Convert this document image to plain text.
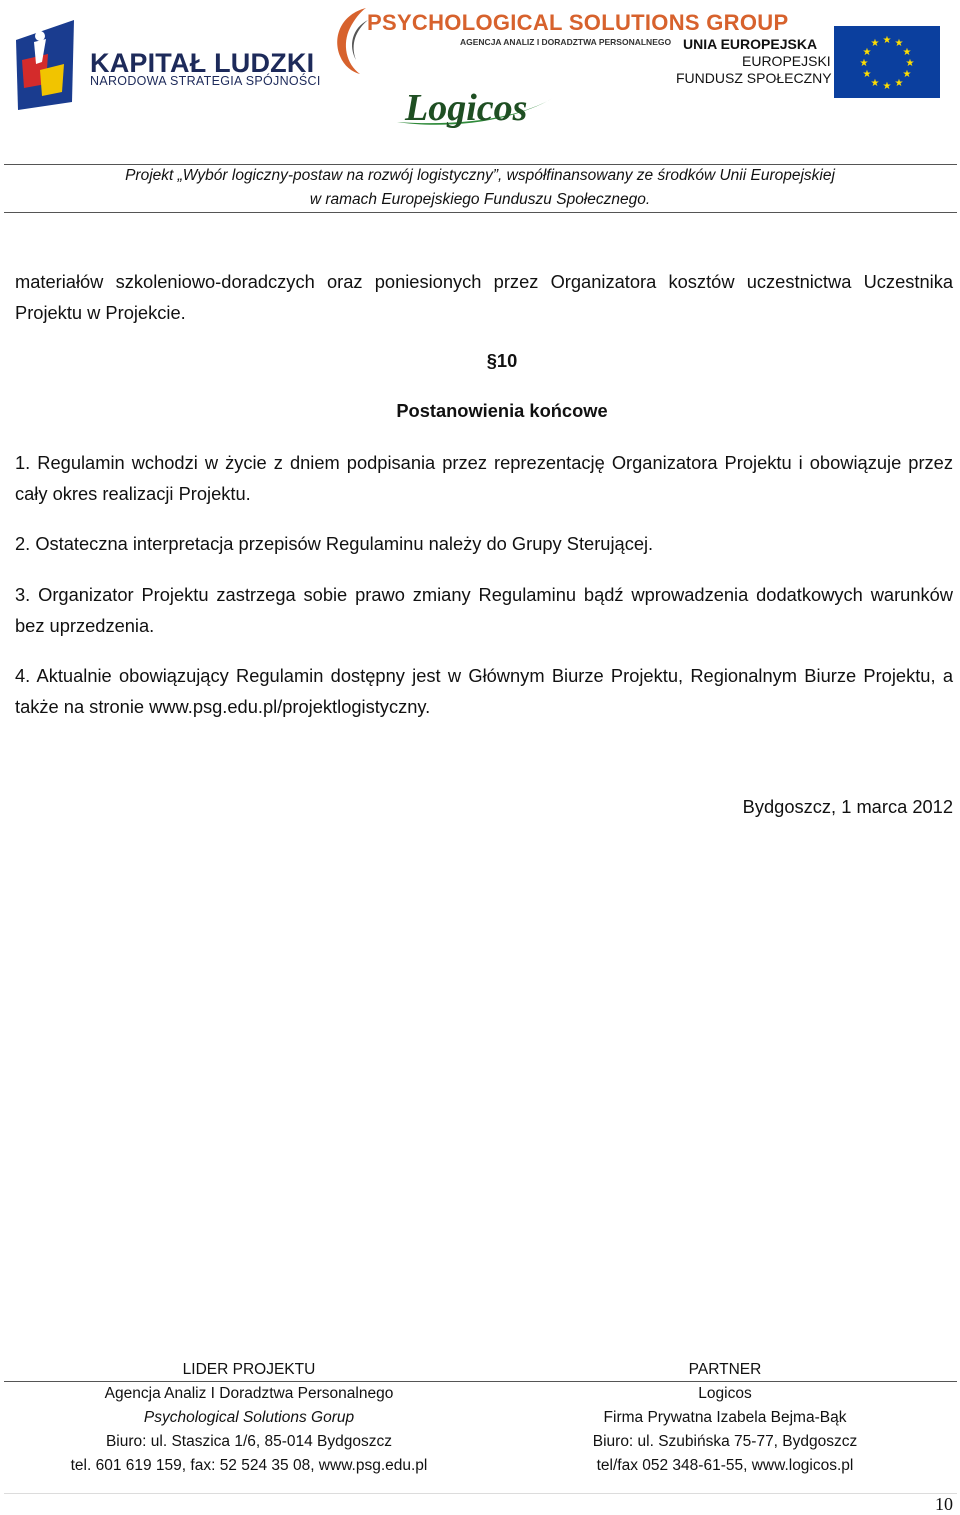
KAPITAŁ LUDZKI
NARODOWA STRATEGIA SPÓJNOŚCI
PSYCHOLOGICAL SOLUTIONS GROUP
AGENCJA ANALIZ I DORADZTWA PERSONALNEGO
Logicos
UNIA EUROPEJSKA
EUROPEJSKI
FUNDUSZ SPOŁECZNY
★ ★
★
★
★
★
★
★
★
★
★
★
Projekt „Wybór logiczny-postaw na rozwój logistyczny”, współfinansowany ze środków Unii Europejskiej
w ramach Europejskiego Funduszu Społecznego.
materiałów szkoleniowo-doradczych oraz poniesionych przez Organizatora kosztów uczestnictwa Uczestnika Projektu w Projekcie.
§10
Postanowienia końcowe
1. Regulamin wchodzi w życie z dniem podpisania przez reprezentację Organizatora Projektu i obowiązuje przez cały okres realizacji Projektu.
2. Ostateczna interpretacja przepisów Regulaminu należy do Grupy Sterującej.
3. Organizator Projektu zastrzega sobie prawo zmiany Regulaminu bądź wprowadzenia dodatkowych warunków bez uprzedzenia.
4. Aktualnie obowiązujący Regulamin dostępny jest w Głównym Biurze Projektu, Regionalnym Biurze Projektu, a także na stronie www.psg.edu.pl/projektlogistyczny.
Bydgoszcz, 1 marca 2012
LIDER PROJEKTU
Agencja Analiz I Doradztwa Personalnego
Psychological Solutions Gorup
Biuro: ul. Staszica 1/6, 85-014 Bydgoszcz
tel. 601 619 159, fax: 52 524 35 08, www.psg.edu.pl
PARTNER
Logicos
Firma Prywatna Izabela Bejma-Bąk
Biuro: ul. Szubińska 75-77, Bydgoszcz
tel/fax 052 348-61-55, www.logicos.pl
10
